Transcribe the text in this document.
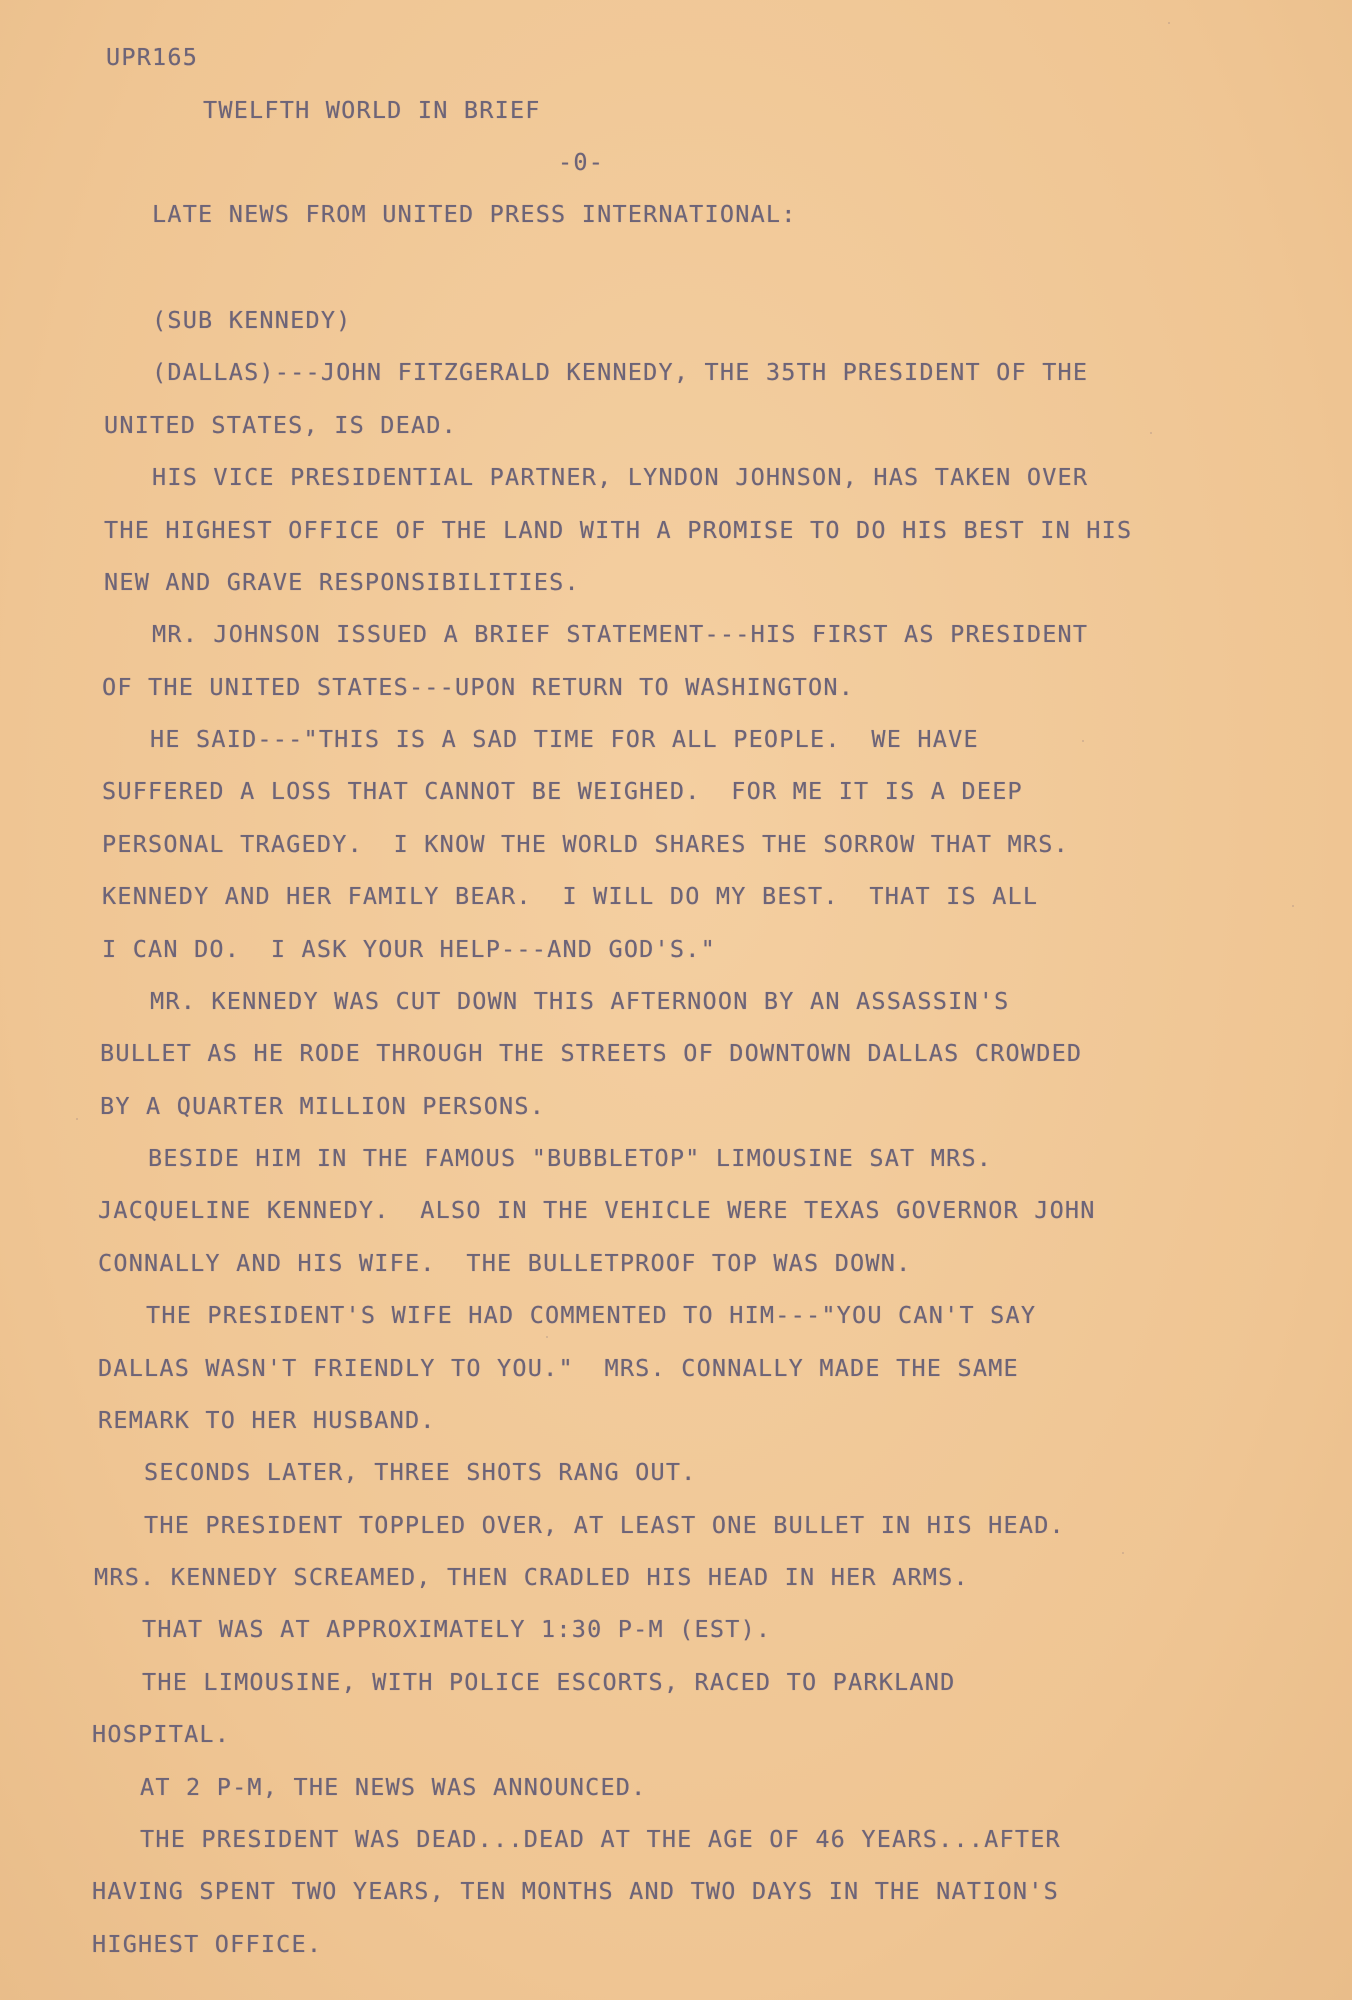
UPR165
TWELFTH WORLD IN BRIEF
-0-
LATE NEWS FROM UNITED PRESS INTERNATIONAL:
(SUB KENNEDY)
(DALLAS)---JOHN FITZGERALD KENNEDY, THE 35TH PRESIDENT OF THE
UNITED STATES, IS DEAD.
HIS VICE PRESIDENTIAL PARTNER, LYNDON JOHNSON, HAS TAKEN OVER
THE HIGHEST OFFICE OF THE LAND WITH A PROMISE TO DO HIS BEST IN HIS
NEW AND GRAVE RESPONSIBILITIES.
MR. JOHNSON ISSUED A BRIEF STATEMENT---HIS FIRST AS PRESIDENT
OF THE UNITED STATES---UPON RETURN TO WASHINGTON.
HE SAID---"THIS IS A SAD TIME FOR ALL PEOPLE.  WE HAVE
SUFFERED A LOSS THAT CANNOT BE WEIGHED.  FOR ME IT IS A DEEP
PERSONAL TRAGEDY.  I KNOW THE WORLD SHARES THE SORROW THAT MRS.
KENNEDY AND HER FAMILY BEAR.  I WILL DO MY BEST.  THAT IS ALL
I CAN DO.  I ASK YOUR HELP---AND GOD'S."
MR. KENNEDY WAS CUT DOWN THIS AFTERNOON BY AN ASSASSIN'S
BULLET AS HE RODE THROUGH THE STREETS OF DOWNTOWN DALLAS CROWDED
BY A QUARTER MILLION PERSONS.
BESIDE HIM IN THE FAMOUS "BUBBLETOP" LIMOUSINE SAT MRS.
JACQUELINE KENNEDY.  ALSO IN THE VEHICLE WERE TEXAS GOVERNOR JOHN
CONNALLY AND HIS WIFE.  THE BULLETPROOF TOP WAS DOWN.
THE PRESIDENT'S WIFE HAD COMMENTED TO HIM---"YOU CAN'T SAY
DALLAS WASN'T FRIENDLY TO YOU."  MRS. CONNALLY MADE THE SAME
REMARK TO HER HUSBAND.
SECONDS LATER, THREE SHOTS RANG OUT.
THE PRESIDENT TOPPLED OVER, AT LEAST ONE BULLET IN HIS HEAD.
MRS. KENNEDY SCREAMED, THEN CRADLED HIS HEAD IN HER ARMS.
THAT WAS AT APPROXIMATELY 1:30 P-M (EST).
THE LIMOUSINE, WITH POLICE ESCORTS, RACED TO PARKLAND
HOSPITAL.
AT 2 P-M, THE NEWS WAS ANNOUNCED.
THE PRESIDENT WAS DEAD...DEAD AT THE AGE OF 46 YEARS...AFTER
HAVING SPENT TWO YEARS, TEN MONTHS AND TWO DAYS IN THE NATION'S
HIGHEST OFFICE.
